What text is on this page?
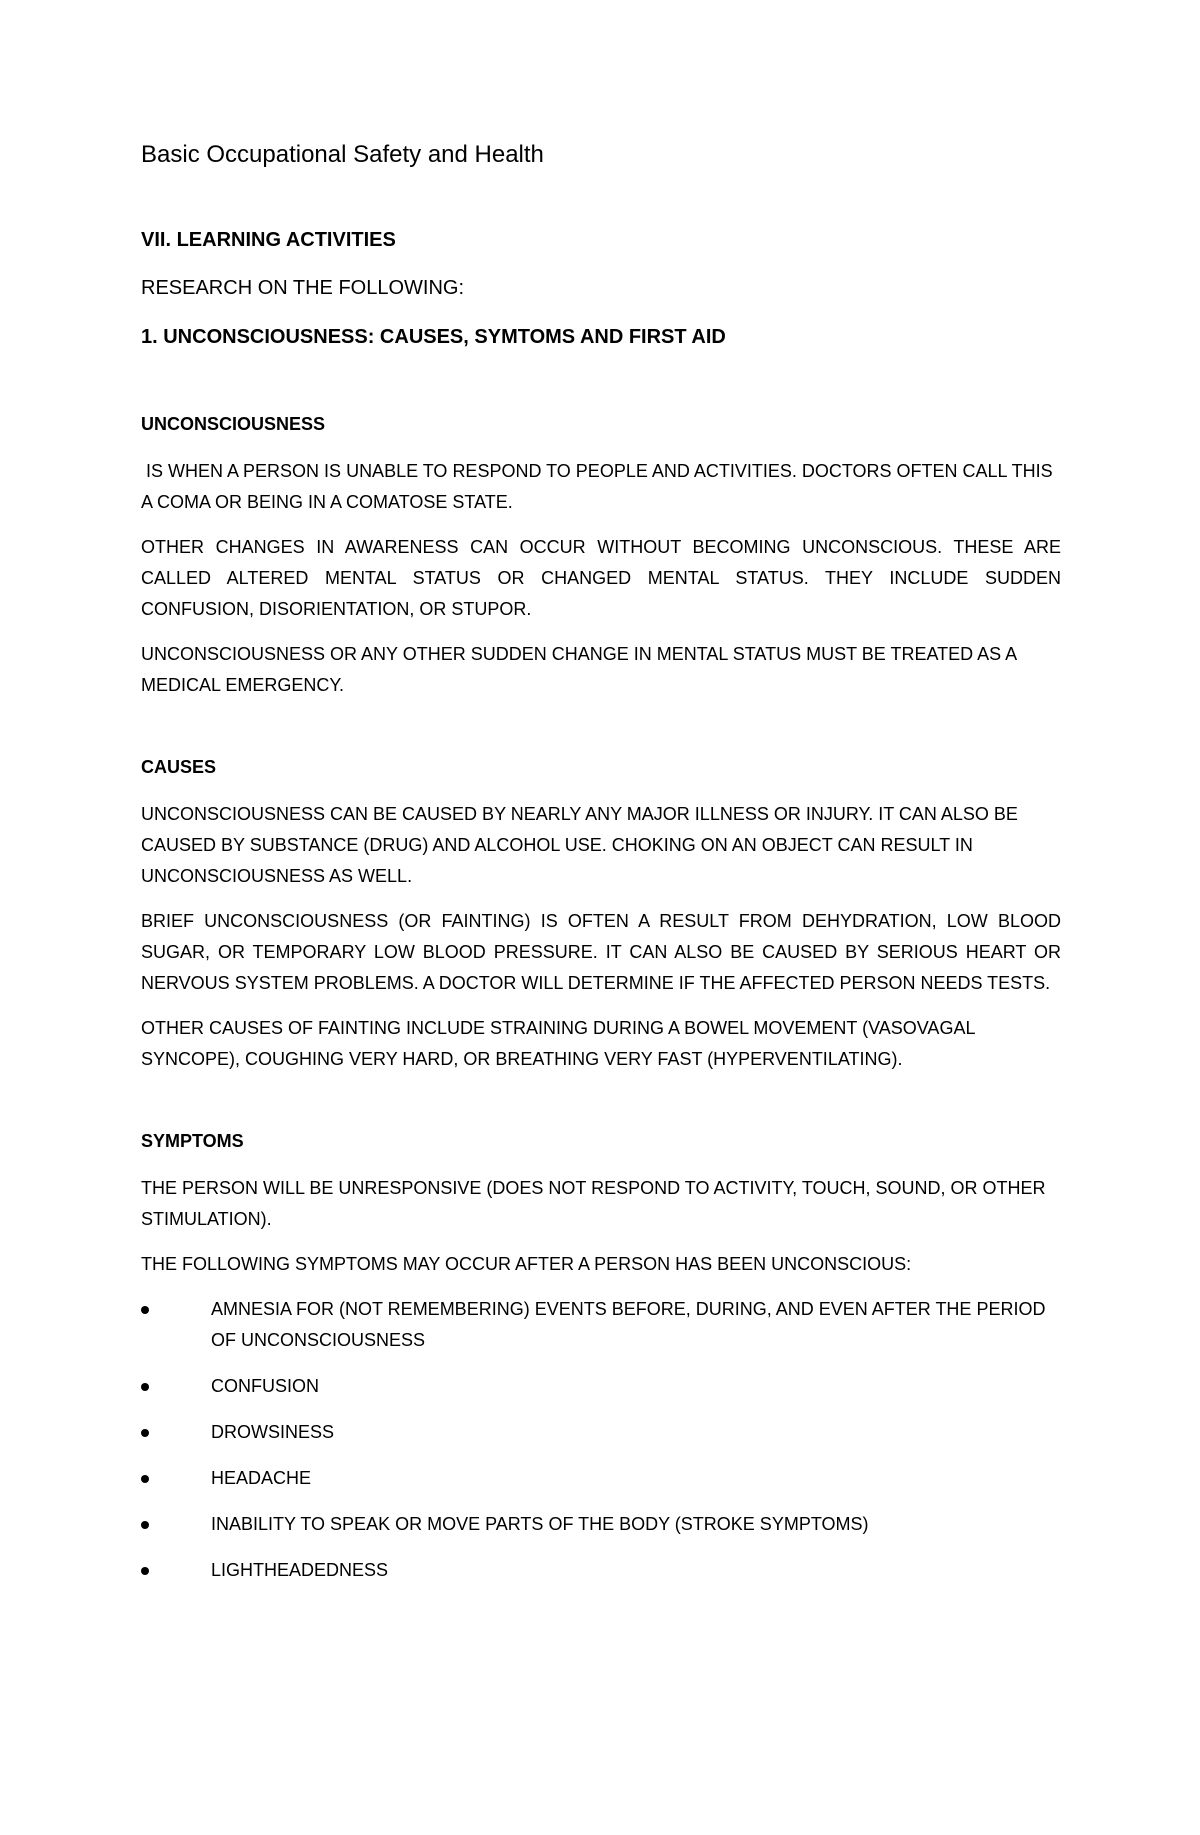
Basic Occupational Safety and Health
VII. LEARNING ACTIVITIES
RESEARCH ON THE FOLLOWING:
1. UNCONSCIOUSNESS: CAUSES, SYMTOMS AND FIRST AID
UNCONSCIOUSNESS

IS WHEN A PERSON IS UNABLE TO RESPOND TO PEOPLE AND ACTIVITIES. DOCTORS OFTEN CALL THIS A COMA OR BEING IN A COMATOSE STATE.

OTHER CHANGES IN AWARENESS CAN OCCUR WITHOUT BECOMING UNCONSCIOUS. THESE ARE CALLED ALTERED MENTAL STATUS OR CHANGED MENTAL STATUS. THEY INCLUDE SUDDEN CONFUSION, DISORIENTATION, OR STUPOR.

UNCONSCIOUSNESS OR ANY OTHER SUDDEN CHANGE IN MENTAL STATUS MUST BE TREATED AS A MEDICAL EMERGENCY.

CAUSES

UNCONSCIOUSNESS CAN BE CAUSED BY NEARLY ANY MAJOR ILLNESS OR INJURY. IT CAN ALSO BE CAUSED BY SUBSTANCE (DRUG) AND ALCOHOL USE. CHOKING ON AN OBJECT CAN RESULT IN UNCONSCIOUSNESS AS WELL.

BRIEF UNCONSCIOUSNESS (OR FAINTING) IS OFTEN A RESULT FROM DEHYDRATION, LOW BLOOD SUGAR, OR TEMPORARY LOW BLOOD PRESSURE. IT CAN ALSO BE CAUSED BY SERIOUS HEART OR NERVOUS SYSTEM PROBLEMS. A DOCTOR WILL DETERMINE IF THE AFFECTED PERSON NEEDS TESTS.

OTHER CAUSES OF FAINTING INCLUDE STRAINING DURING A BOWEL MOVEMENT (VASOVAGAL SYNCOPE), COUGHING VERY HARD, OR BREATHING VERY FAST (HYPERVENTILATING).

SYMPTOMS

THE PERSON WILL BE UNRESPONSIVE (DOES NOT RESPOND TO ACTIVITY, TOUCH, SOUND, OR OTHER STIMULATION).

THE FOLLOWING SYMPTOMS MAY OCCUR AFTER A PERSON HAS BEEN UNCONSCIOUS:

AMNESIA FOR (NOT REMEMBERING) EVENTS BEFORE, DURING, AND EVEN AFTER THE PERIOD OF UNCONSCIOUSNESS
CONFUSION
DROWSINESS
HEADACHE
INABILITY TO SPEAK OR MOVE PARTS OF THE BODY (STROKE SYMPTOMS)
LIGHTHEADEDNESS
